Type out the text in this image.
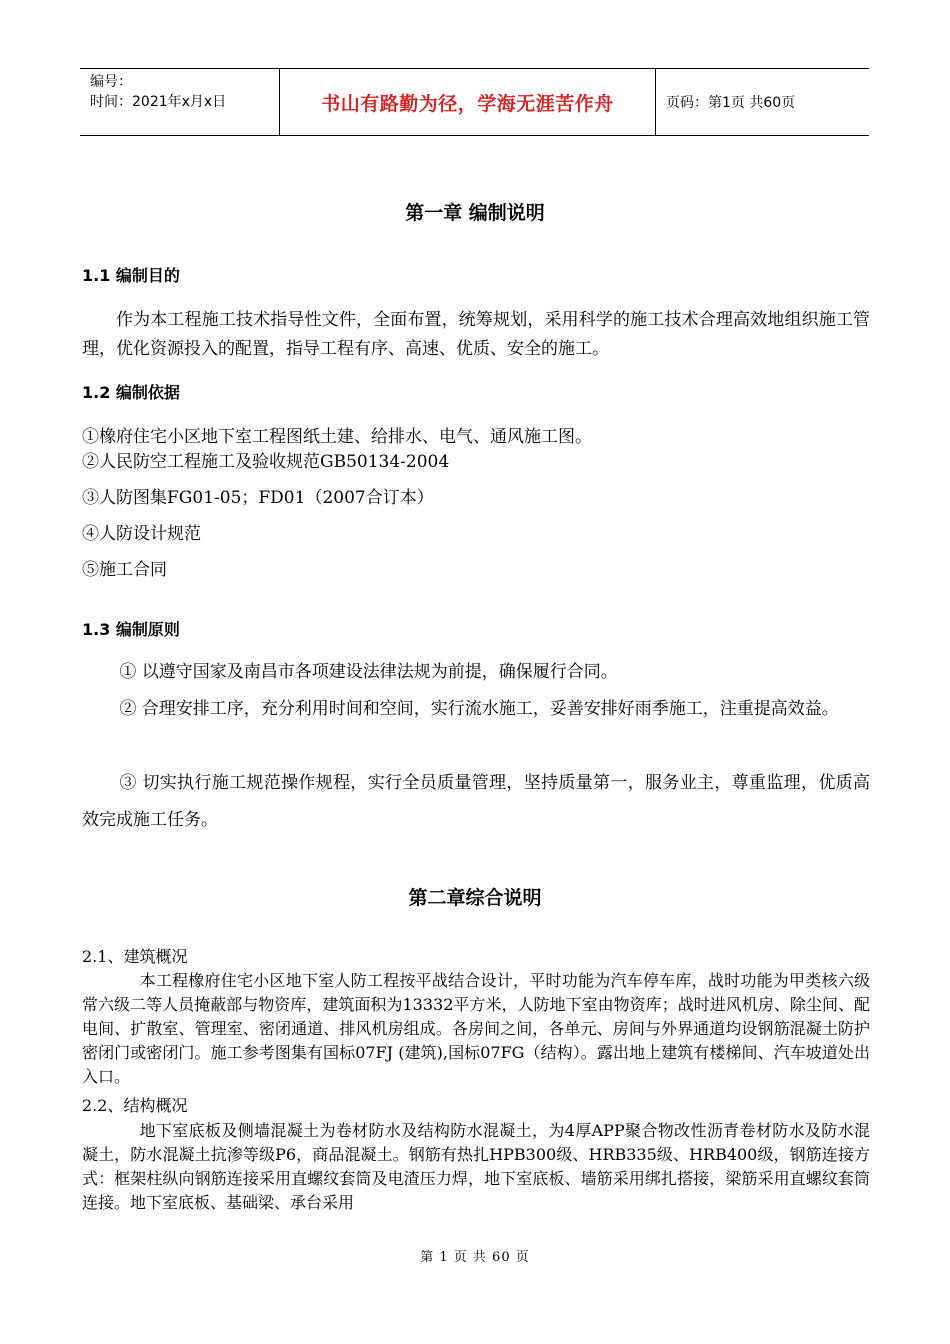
编号：
时间：2021年x月x日	书山有路勤为径，学海无涯苦作舟	页码：第1页 共60页
第一章 编制说明
1.1 编制目的
作为本工程施工技术指导性文件，全面布置，统筹规划，采用科学的施工技术合理高效地组织施工管理，优化资源投入的配置，指导工程有序、高速、优质、安全的施工。
1.2 编制依据
①橡府住宅小区地下室工程图纸土建、给排水、电气、通风施工图。
②人民防空工程施工及验收规范GB50134-2004
③人防图集FG01-05；FD01（2007合订本）
④人防设计规范
⑤施工合同
1.3 编制原则
① 以遵守国家及南昌市各项建设法律法规为前提，确保履行合同。
② 合理安排工序，充分利用时间和空间，实行流水施工，妥善安排好雨季施工，注重提高效益。
③ 切实执行施工规范操作规程，实行全员质量管理，坚持质量第一，服务业主，尊重监理，优质高效完成施工任务。
第二章综合说明
2.1、建筑概况
本工程橡府住宅小区地下室人防工程按平战结合设计，平时功能为汽车停车库，战时功能为甲类核六级常六级二等人员掩蔽部与物资库，建筑面积为13332平方米，人防地下室由物资库；战时进风机房、除尘间、配电间、扩散室、管理室、密闭通道、排风机房组成。各房间之间，各单元、房间与外界通道均设钢筋混凝土防护密闭门或密闭门。施工参考图集有国标07FJ (建筑),国标07FG（结构）。露出地上建筑有楼梯间、汽车坡道处出入口。
2.2、结构概况
地下室底板及侧墙混凝土为卷材防水及结构防水混凝土，为4厚APP聚合物改性沥青卷材防水及防水混凝土，防水混凝土抗渗等级P6，商品混凝土。钢筋有热扎HPB300级、HRB335级、HRB400级，钢筋连接方式：框架柱纵向钢筋连接采用直螺纹套筒及电渣压力焊，地下室底板、墙筋采用绑扎搭接，梁筋采用直螺纹套筒连接。地下室底板、基础梁、承台采用
第 1 页 共 60 页
